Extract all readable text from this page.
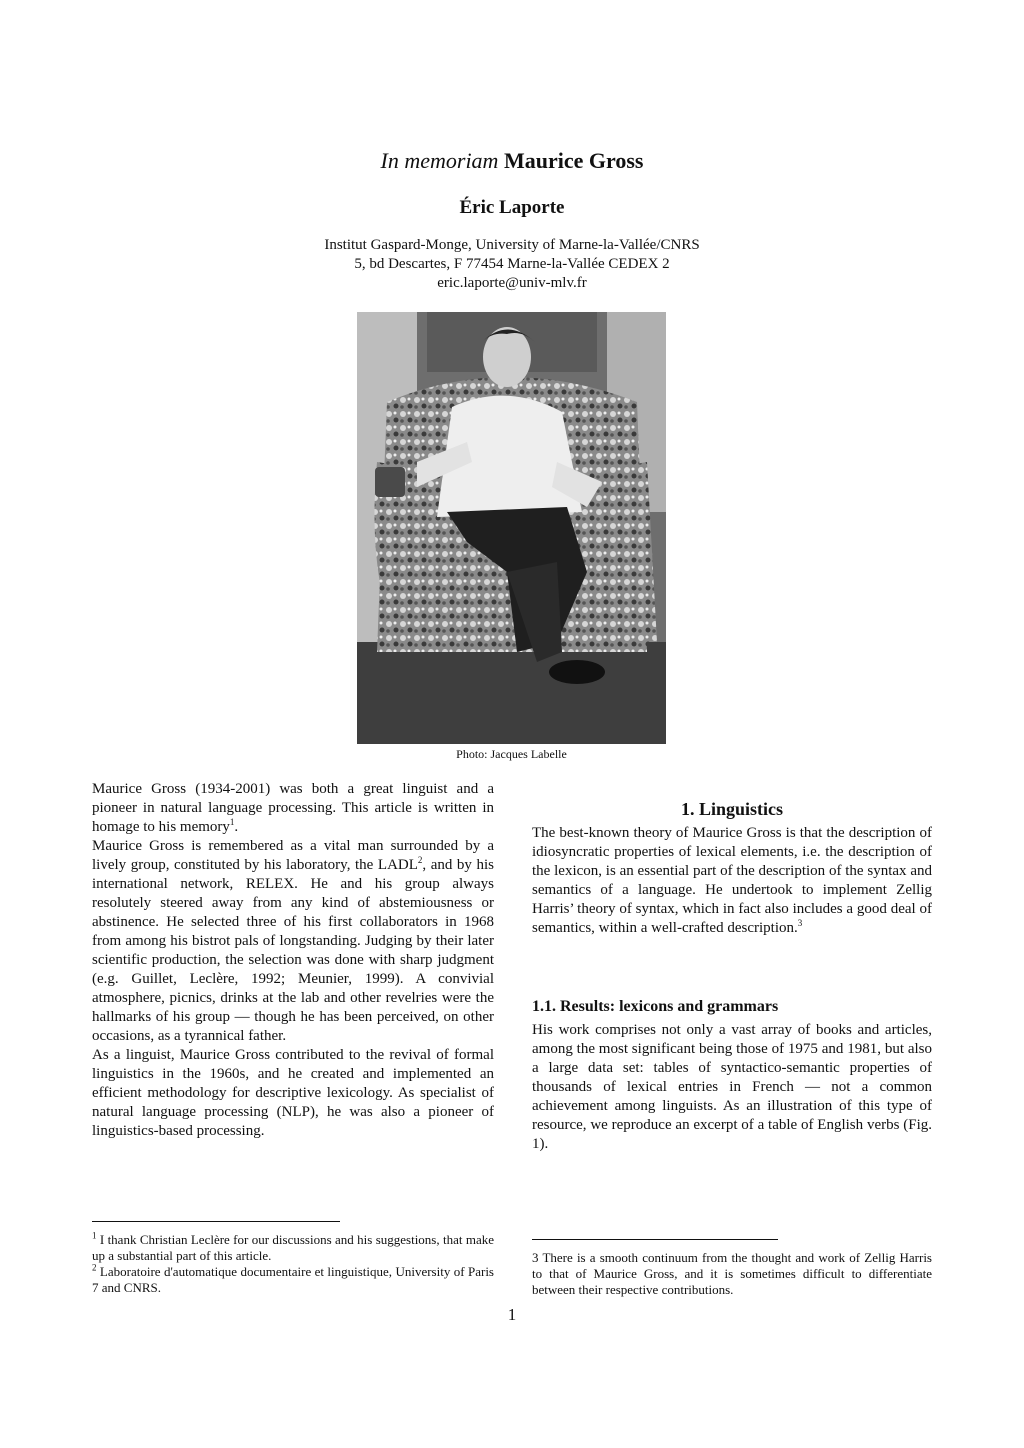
In memoriam Maurice Gross
Éric Laporte
Institut Gaspard-Monge, University of Marne-la-Vallée/CNRS
5, bd Descartes, F 77454 Marne-la-Vallée CEDEX 2
eric.laporte@univ-mlv.fr
Photo: Jacques Labelle

Maurice Gross (1934-2001) was both a great linguist and a pioneer in natural language processing. This article is written in homage to his memory$^1$.

Maurice Gross is remembered as a vital man surrounded by a lively group, constituted by his laboratory, the LADL$^2$, and by his international network, RELEX. He and his group always resolutely steered away from any kind of abstemiousness or abstinence. He selected three of his first collaborators in 1968 from among his bistrot pals of longstanding. Judging by their later scientific production, the selection was done with sharp judgment (e.g. Guillet, Leclère, 1992; Meunier, 1999). A convivial atmosphere, picnics, drinks at the lab and other revelries were the hallmarks of his group — though he has been perceived, on other occasions, as a tyrannical father.

As a linguist, Maurice Gross contributed to the revival of formal linguistics in the 1960s, and he created and implemented an efficient methodology for descriptive lexicology. As specialist of natural language processing (NLP), he was also a pioneer of linguistics-based processing.

1. Linguistics

The best-known theory of Maurice Gross is that the description of idiosyncratic properties of lexical elements, i.e. the description of the lexicon, is an essential part of the description of the syntax and semantics of a language. He undertook to implement Zellig Harris’ theory of syntax, which in fact also includes a good deal of semantics, within a well-crafted description.$^3$

1.1. Results: lexicons and grammars

His work comprises not only a vast array of books and articles, among the most significant being those of 1975 and 1981, but also a large data set: tables of syntactico-semantic properties of thousands of lexical entries in French — not a common achievement among linguists. As an illustration of this type of resource, we reproduce an excerpt of a table of English verbs (Fig. 1).

$^1$ I thank Christian Leclère for our discussions and his suggestions, that make up a substantial part of this article.

$^2$ Laboratoire d'automatique documentaire et linguistique, University of Paris 7 and CNRS.

3 There is a smooth continuum from the thought and work of Zellig Harris to that of Maurice Gross, and it is sometimes difficult to differentiate between their respective contributions.

1
